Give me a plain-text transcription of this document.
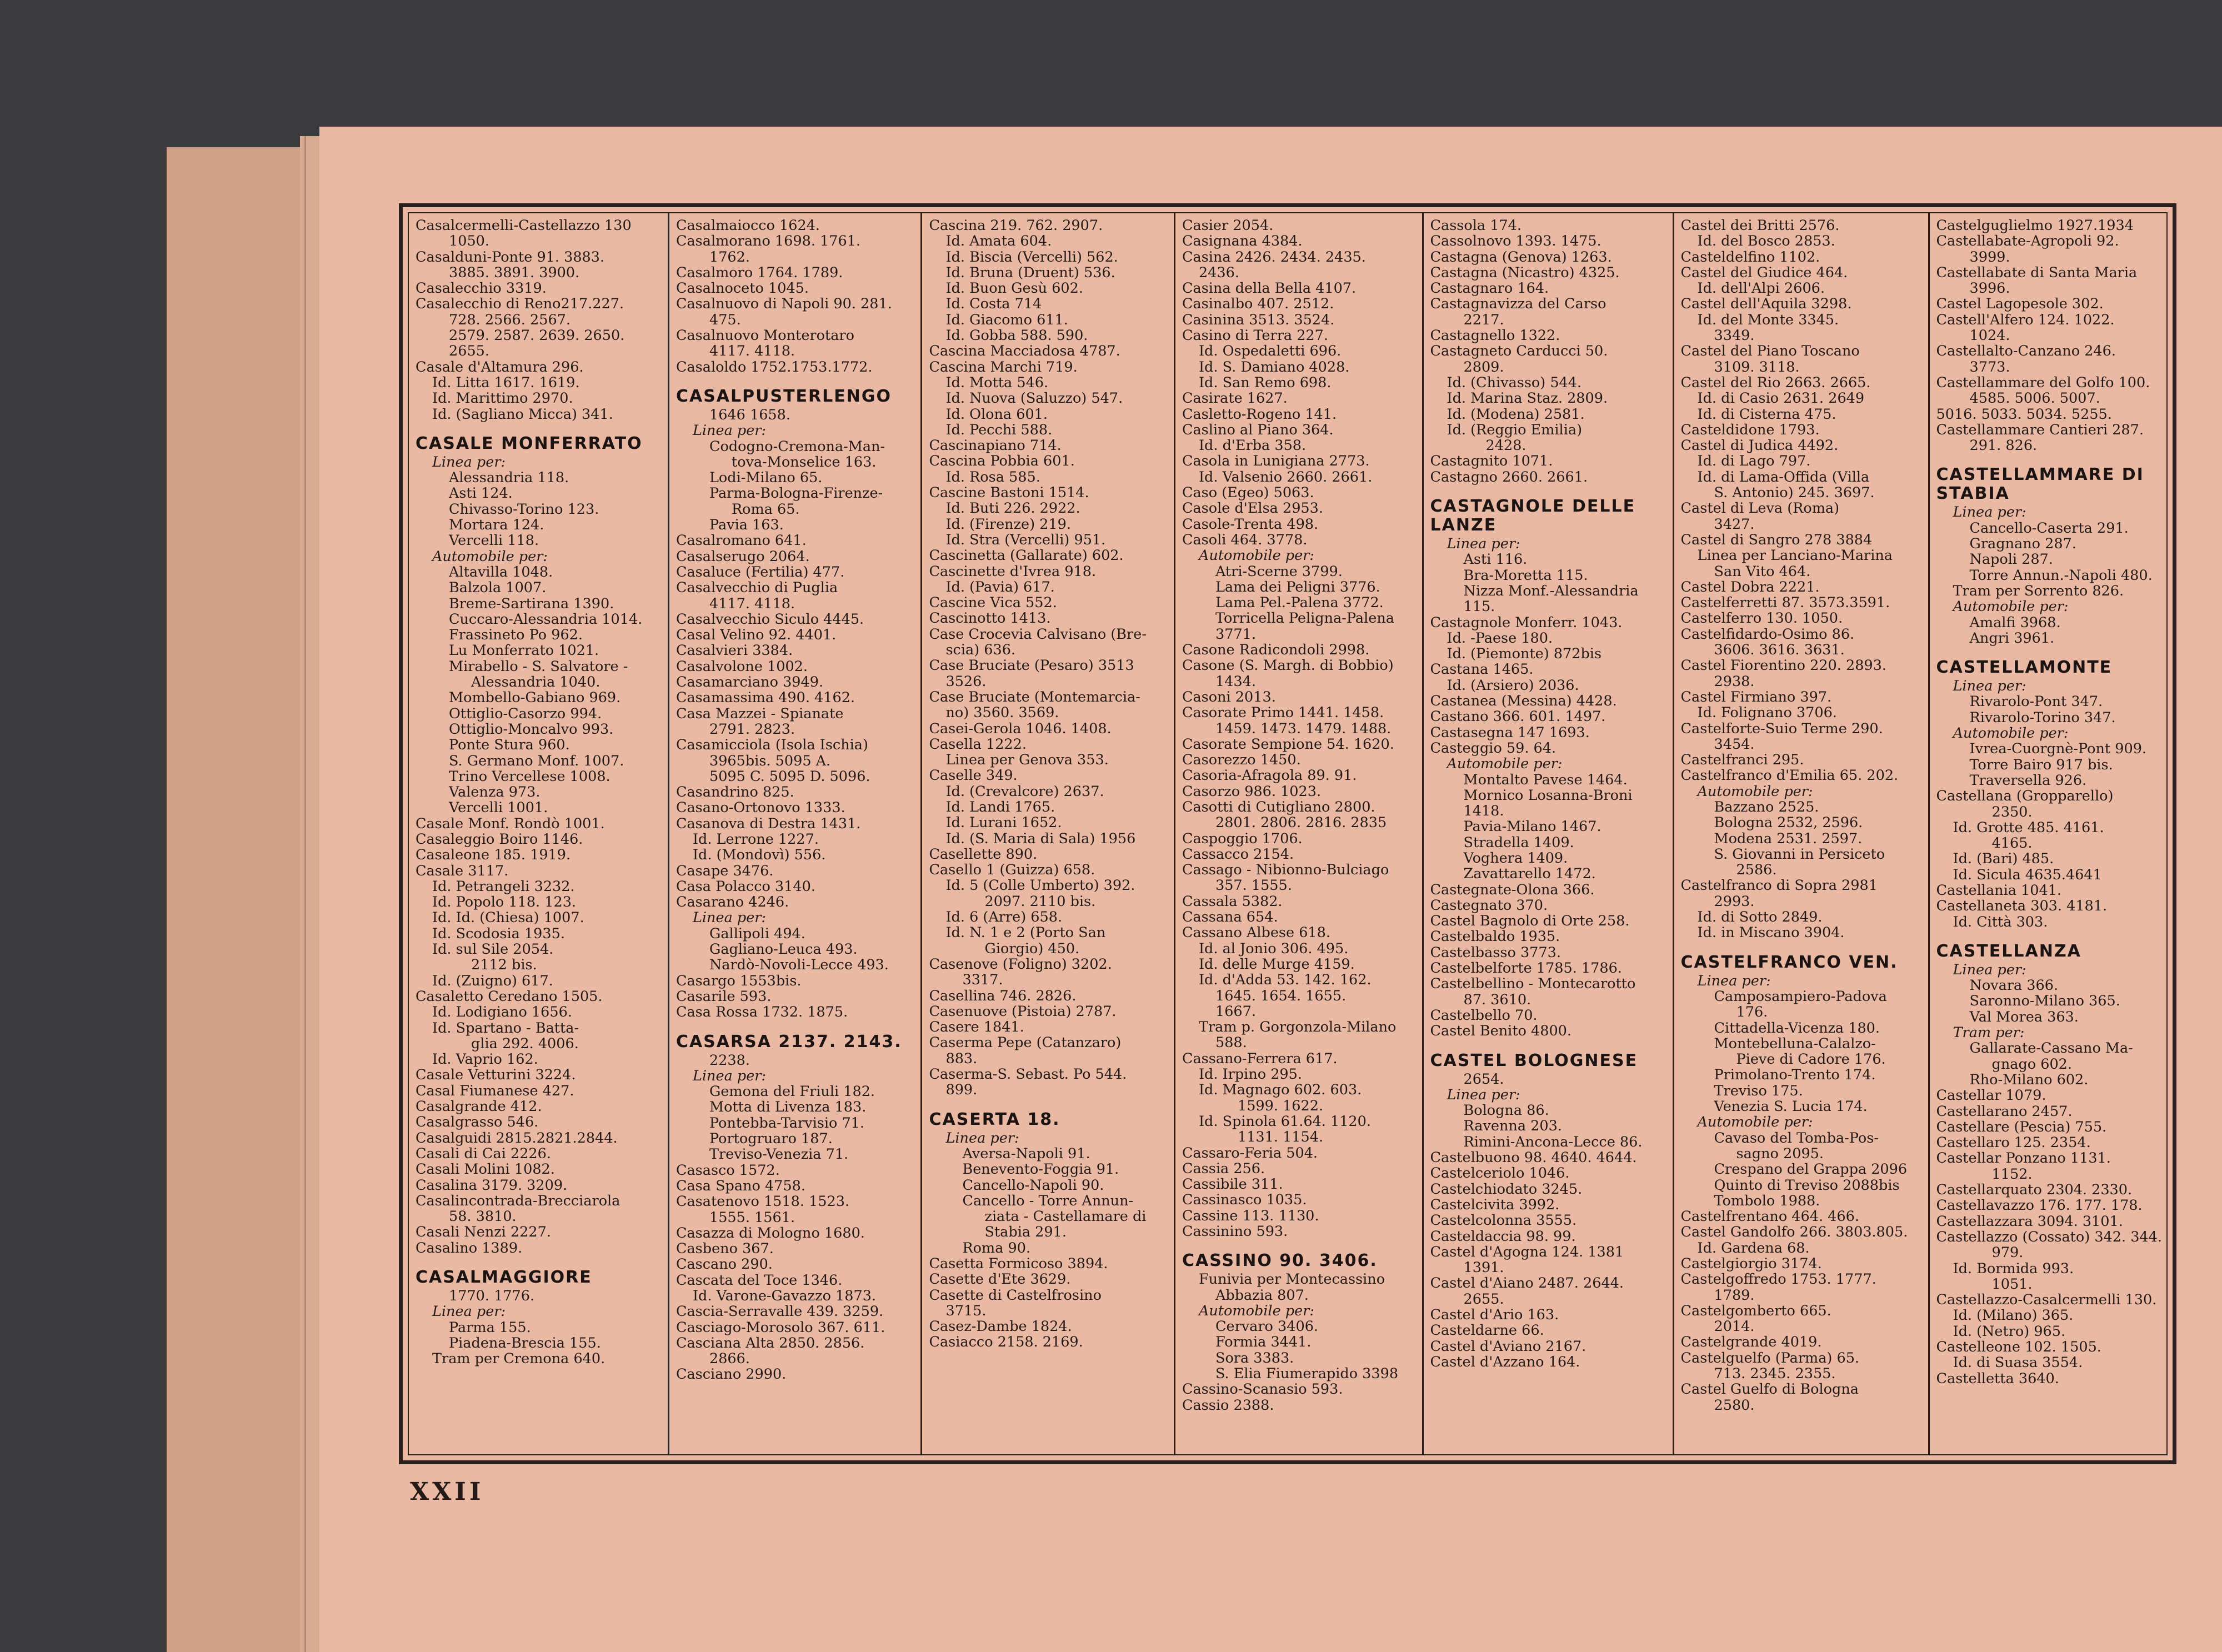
Casalcermelli-Castellazzo 130
1050.
Casalduni-Ponte 91. 3883.
3885. 3891. 3900.
Casalecchio 3319.
Casalecchio di Reno217.227.
728. 2566. 2567.
2579. 2587. 2639. 2650.
2655.
Casale d'Altamura 296.
Id. Litta 1617. 1619.
Id. Marittimo 2970.
Id. (Sagliano Micca) 341.
CASALE MONFERRATO
Linea per:
Alessandria 118.
Asti 124.
Chivasso-Torino 123.
Mortara 124.
Vercelli 118.
Automobile per:
Altavilla 1048.
Balzola 1007.
Breme-Sartirana 1390.
Cuccaro-Alessandria 1014.
Frassineto Po 962.
Lu Monferrato 1021.
Mirabello - S. Salvatore -
Alessandria 1040.
Mombello-Gabiano 969.
Ottiglio-Casorzo 994.
Ottiglio-Moncalvo 993.
Ponte Stura 960.
S. Germano Monf. 1007.
Trino Vercellese 1008.
Valenza 973.
Vercelli 1001.
Casale Monf. Rondò 1001.
Casaleggio Boiro 1146.
Casaleone 185. 1919.
Casale 3117.
Id. Petrangeli 3232.
Id. Popolo 118. 123.
Id. Id. (Chiesa) 1007.
Id. Scodosia 1935.
Id. sul Sile 2054.
2112 bis.
Id. (Zuigno) 617.
Casaletto Ceredano 1505.
Id. Lodigiano 1656.
Id. Spartano - Batta-
glia 292. 4006.
Id. Vaprio 162.
Casale Vetturini 3224.
Casal Fiumanese 427.
Casalgrande 412.
Casalgrasso 546.
Casalguidi 2815.2821.2844.
Casali di Cai 2226.
Casali Molini 1082.
Casalina 3179. 3209.
Casalincontrada-Brecciarola
58. 3810.
Casali Nenzi 2227.
Casalino 1389.
CASALMAGGIORE
1770. 1776.
Linea per:
Parma 155.
Piadena-Brescia 155.
Tram per Cremona 640.
Casalmaiocco 1624.
Casalmorano 1698. 1761.
1762.
Casalmoro 1764. 1789.
Casalnoceto 1045.
Casalnuovo di Napoli 90. 281.
475.
Casalnuovo Monterotaro
4117. 4118.
Casaloldo 1752.1753.1772.
CASALPUSTERLENGO
1646 1658.
Linea per:
Codogno-Cremona-Man-
tova-Monselice 163.
Lodi-Milano 65.
Parma-Bologna-Firenze-
Roma 65.
Pavia 163.
Casalromano 641.
Casalserugo 2064.
Casaluce (Fertilia) 477.
Casalvecchio di Puglia
4117. 4118.
Casalvecchio Siculo 4445.
Casal Velino 92. 4401.
Casalvieri 3384.
Casalvolone 1002.
Casamarciano 3949.
Casamassima 490. 4162.
Casa Mazzei - Spianate
2791. 2823.
Casamicciola (Isola Ischia)
3965bis. 5095 A.
5095 C. 5095 D. 5096.
Casandrino 825.
Casano-Ortonovo 1333.
Casanova di Destra 1431.
Id. Lerrone 1227.
Id. (Mondovì) 556.
Casape 3476.
Casa Polacco 3140.
Casarano 4246.
Linea per:
Gallipoli 494.
Gagliano-Leuca 493.
Nardò-Novoli-Lecce 493.
Casargo 1553bis.
Casarile 593.
Casa Rossa 1732. 1875.
CASARSA 2137. 2143.
2238.
Linea per:
Gemona del Friuli 182.
Motta di Livenza 183.
Pontebba-Tarvisio 71.
Portogruaro 187.
Treviso-Venezia 71.
Casasco 1572.
Casa Spano 4758.
Casatenovo 1518. 1523.
1555. 1561.
Casazza di Mologno 1680.
Casbeno 367.
Cascano 290.
Cascata del Toce 1346.
Id. Varone-Gavazzo 1873.
Cascia-Serravalle 439. 3259.
Casciago-Morosolo 367. 611.
Casciana Alta 2850. 2856.
2866.
Casciano 2990.
Cascina 219. 762. 2907.
Id. Amata 604.
Id. Biscia (Vercelli) 562.
Id. Bruna (Druent) 536.
Id. Buon Gesù 602.
Id. Costa 714
Id. Giacomo 611.
Id. Gobba 588. 590.
Cascina Macciadosa 4787.
Cascina Marchi 719.
Id. Motta 546.
Id. Nuova (Saluzzo) 547.
Id. Olona 601.
Id. Pecchi 588.
Cascinapiano 714.
Cascina Pobbia 601.
Id. Rosa 585.
Cascine Bastoni 1514.
Id. Buti 226. 2922.
Id. (Firenze) 219.
Id. Stra (Vercelli) 951.
Cascinetta (Gallarate) 602.
Cascinette d'Ivrea 918.
Id. (Pavia) 617.
Cascine Vica 552.
Cascinotto 1413.
Case Crocevia Calvisano (Bre-
scia) 636.
Case Bruciate (Pesaro) 3513
3526.
Case Bruciate (Montemarcia-
no) 3560. 3569.
Casei-Gerola 1046. 1408.
Casella 1222.
Linea per Genova 353.
Caselle 349.
Id. (Crevalcore) 2637.
Id. Landi 1765.
Id. Lurani 1652.
Id. (S. Maria di Sala) 1956
Casellette 890.
Casello 1 (Guizza) 658.
Id. 5 (Colle Umberto) 392.
2097. 2110 bis.
Id. 6 (Arre) 658.
Id. N. 1 e 2 (Porto San
Giorgio) 450.
Casenove (Foligno) 3202.
3317.
Casellina 746. 2826.
Casenuove (Pistoia) 2787.
Casere 1841.
Caserma Pepe (Catanzaro)
883.
Caserma-S. Sebast. Po 544.
899.
CASERTA 18.
Linea per:
Aversa-Napoli 91.
Benevento-Foggia 91.
Cancello-Napoli 90.
Cancello - Torre Annun-
ziata - Castellamare di
Stabia 291.
Roma 90.
Casetta Formicoso 3894.
Casette d'Ete 3629.
Casette di Castelfrosino
3715.
Casez-Dambe 1824.
Casiacco 2158. 2169.
Casier 2054.
Casignana 4384.
Casina 2426. 2434. 2435.
2436.
Casina della Bella 4107.
Casinalbo 407. 2512.
Casinina 3513. 3524.
Casino di Terra 227.
Id. Ospedaletti 696.
Id. S. Damiano 4028.
Id. San Remo 698.
Casirate 1627.
Casletto-Rogeno 141.
Caslino al Piano 364.
Id. d'Erba 358.
Casola in Lunigiana 2773.
Id. Valsenio 2660. 2661.
Caso (Egeo) 5063.
Casole d'Elsa 2953.
Casole-Trenta 498.
Casoli 464. 3778.
Automobile per:
Atri-Scerne 3799.
Lama dei Peligni 3776.
Lama Pel.-Palena 3772.
Torricella Peligna-Palena
3771.
Casone Radicondoli 2998.
Casone (S. Margh. di Bobbio)
1434.
Casoni 2013.
Casorate Primo 1441. 1458.
1459. 1473. 1479. 1488.
Casorate Sempione 54. 1620.
Casorezzo 1450.
Casoria-Afragola 89. 91.
Casorzo 986. 1023.
Casotti di Cutigliano 2800.
2801. 2806. 2816. 2835
Caspoggio 1706.
Cassacco 2154.
Cassago - Nibionno-Bulciago
357. 1555.
Cassala 5382.
Cassana 654.
Cassano Albese 618.
Id. al Jonio 306. 495.
Id. delle Murge 4159.
Id. d'Adda 53. 142. 162.
1645. 1654. 1655.
1667.
Tram p. Gorgonzola-Milano
588.
Cassano-Ferrera 617.
Id. Irpino 295.
Id. Magnago 602. 603.
1599. 1622.
Id. Spinola 61.64. 1120.
1131. 1154.
Cassaro-Feria 504.
Cassia 256.
Cassibile 311.
Cassinasco 1035.
Cassine 113. 1130.
Cassinino 593.
CASSINO 90. 3406.
Funivia per Montecassino
Abbazia 807.
Automobile per:
Cervaro 3406.
Formia 3441.
Sora 3383.
S. Elia Fiumerapido 3398
Cassino-Scanasio 593.
Cassio 2388.
Cassola 174.
Cassolnovo 1393. 1475.
Castagna (Genova) 1263.
Castagna (Nicastro) 4325.
Castagnaro 164.
Castagnavizza del Carso
2217.
Castagnello 1322.
Castagneto Carducci 50.
2809.
Id. (Chivasso) 544.
Id. Marina Staz. 2809.
Id. (Modena) 2581.
Id. (Reggio Emilia)
2428.
Castagnito 1071.
Castagno 2660. 2661.
CASTAGNOLE DELLE LANZE
Linea per:
Asti 116.
Bra-Moretta 115.
Nizza Monf.-Alessandria
115.
Castagnole Monferr. 1043.
Id. -Paese 180.
Id. (Piemonte) 872bis
Castana 1465.
Id. (Arsiero) 2036.
Castanea (Messina) 4428.
Castano 366. 601. 1497.
Castasegna 147 1693.
Casteggio 59. 64.
Automobile per:
Montalto Pavese 1464.
Mornico Losanna-Broni
1418.
Pavia-Milano 1467.
Stradella 1409.
Voghera 1409.
Zavattarello 1472.
Castegnate-Olona 366.
Castegnato 370.
Castel Bagnolo di Orte 258.
Castelbaldo 1935.
Castelbasso 3773.
Castelbelforte 1785. 1786.
Castelbellino - Montecarotto
87. 3610.
Castelbello 70.
Castel Benito 4800.
CASTEL BOLOGNESE
2654.
Linea per:
Bologna 86.
Ravenna 203.
Rimini-Ancona-Lecce 86.
Castelbuono 98. 4640. 4644.
Castelceriolo 1046.
Castelchiodato 3245.
Castelcivita 3992.
Castelcolonna 3555.
Casteldaccia 98. 99.
Castel d'Agogna 124. 1381
1391.
Castel d'Aiano 2487. 2644.
2655.
Castel d'Ario 163.
Casteldarne 66.
Castel d'Aviano 2167.
Castel d'Azzano 164.
Castel dei Britti 2576.
Id. del Bosco 2853.
Casteldelfino 1102.
Castel del Giudice 464.
Id. dell'Alpi 2606.
Castel dell'Aquila 3298.
Id. del Monte 3345.
3349.
Castel del Piano Toscano
3109. 3118.
Castel del Rio 2663. 2665.
Id. di Casio 2631. 2649
Id. di Cisterna 475.
Casteldidone 1793.
Castel di Judica 4492.
Id. di Lago 797.
Id. di Lama-Offida (Villa
S. Antonio) 245. 3697.
Castel di Leva (Roma)
3427.
Castel di Sangro 278 3884
Linea per Lanciano-Marina
San Vito 464.
Castel Dobra 2221.
Castelferretti 87. 3573.3591.
Castelferro 130. 1050.
Castelfidardo-Osimo 86.
3606. 3616. 3631.
Castel Fiorentino 220. 2893.
2938.
Castel Firmiano 397.
Id. Folignano 3706.
Castelforte-Suio Terme 290.
3454.
Castelfranci 295.
Castelfranco d'Emilia 65. 202.
Automobile per:
Bazzano 2525.
Bologna 2532, 2596.
Modena 2531. 2597.
S. Giovanni in Persiceto
2586.
Castelfranco di Sopra 2981
2993.
Id. di Sotto 2849.
Id. in Miscano 3904.
CASTELFRANCO VEN.
Linea per:
Camposampiero-Padova
176.
Cittadella-Vicenza 180.
Montebelluna-Calalzo-
Pieve di Cadore 176.
Primolano-Trento 174.
Treviso 175.
Venezia S. Lucia 174.
Automobile per:
Cavaso del Tomba-Pos-
sagno 2095.
Crespano del Grappa 2096
Quinto di Treviso 2088bis
Tombolo 1988.
Castelfrentano 464. 466.
Castel Gandolfo 266. 3803.805.
Id. Gardena 68.
Castelgiorgio 3174.
Castelgoffredo 1753. 1777.
1789.
Castelgomberto 665.
2014.
Castelgrande 4019.
Castelguelfo (Parma) 65.
713. 2345. 2355.
Castel Guelfo di Bologna
2580.
Castelguglielmo 1927.1934
Castellabate-Agropoli 92.
3999.
Castellabate di Santa Maria
3996.
Castel Lagopesole 302.
Castell'Alfero 124. 1022.
1024.
Castellalto-Canzano 246.
3773.
Castellammare del Golfo 100.
4585. 5006. 5007.
5016. 5033. 5034. 5255.
Castellammare Cantieri 287.
291. 826.
CASTELLAMMARE DI STABIA
Linea per:
Cancello-Caserta 291.
Gragnano 287.
Napoli 287.
Torre Annun.-Napoli 480.
Tram per Sorrento 826.
Automobile per:
Amalfi 3968.
Angri 3961.
CASTELLAMONTE
Linea per:
Rivarolo-Pont 347.
Rivarolo-Torino 347.
Automobile per:
Ivrea-Cuorgnè-Pont 909.
Torre Bairo 917 bis.
Traversella 926.
Castellana (Gropparello)
2350.
Id. Grotte 485. 4161.
4165.
Id. (Bari) 485.
Id. Sicula 4635.4641
Castellania 1041.
Castellaneta 303. 4181.
Id. Città 303.
CASTELLANZA
Linea per:
Novara 366.
Saronno-Milano 365.
Val Morea 363.
Tram per:
Gallarate-Cassano Ma-
gnago 602.
Rho-Milano 602.
Castellar 1079.
Castellarano 2457.
Castellare (Pescia) 755.
Castellaro 125. 2354.
Castellar Ponzano 1131.
1152.
Castellarquato 2304. 2330.
Castellavazzo 176. 177. 178.
Castellazzara 3094. 3101.
Castellazzo (Cossato) 342. 344.
979.
Id. Bormida 993.
1051.
Castellazzo-Casalcermelli 130.
Id. (Milano) 365.
Id. (Netro) 965.
Castelleone 102. 1505.
Id. di Suasa 3554.
Castelletta 3640.
XXII
